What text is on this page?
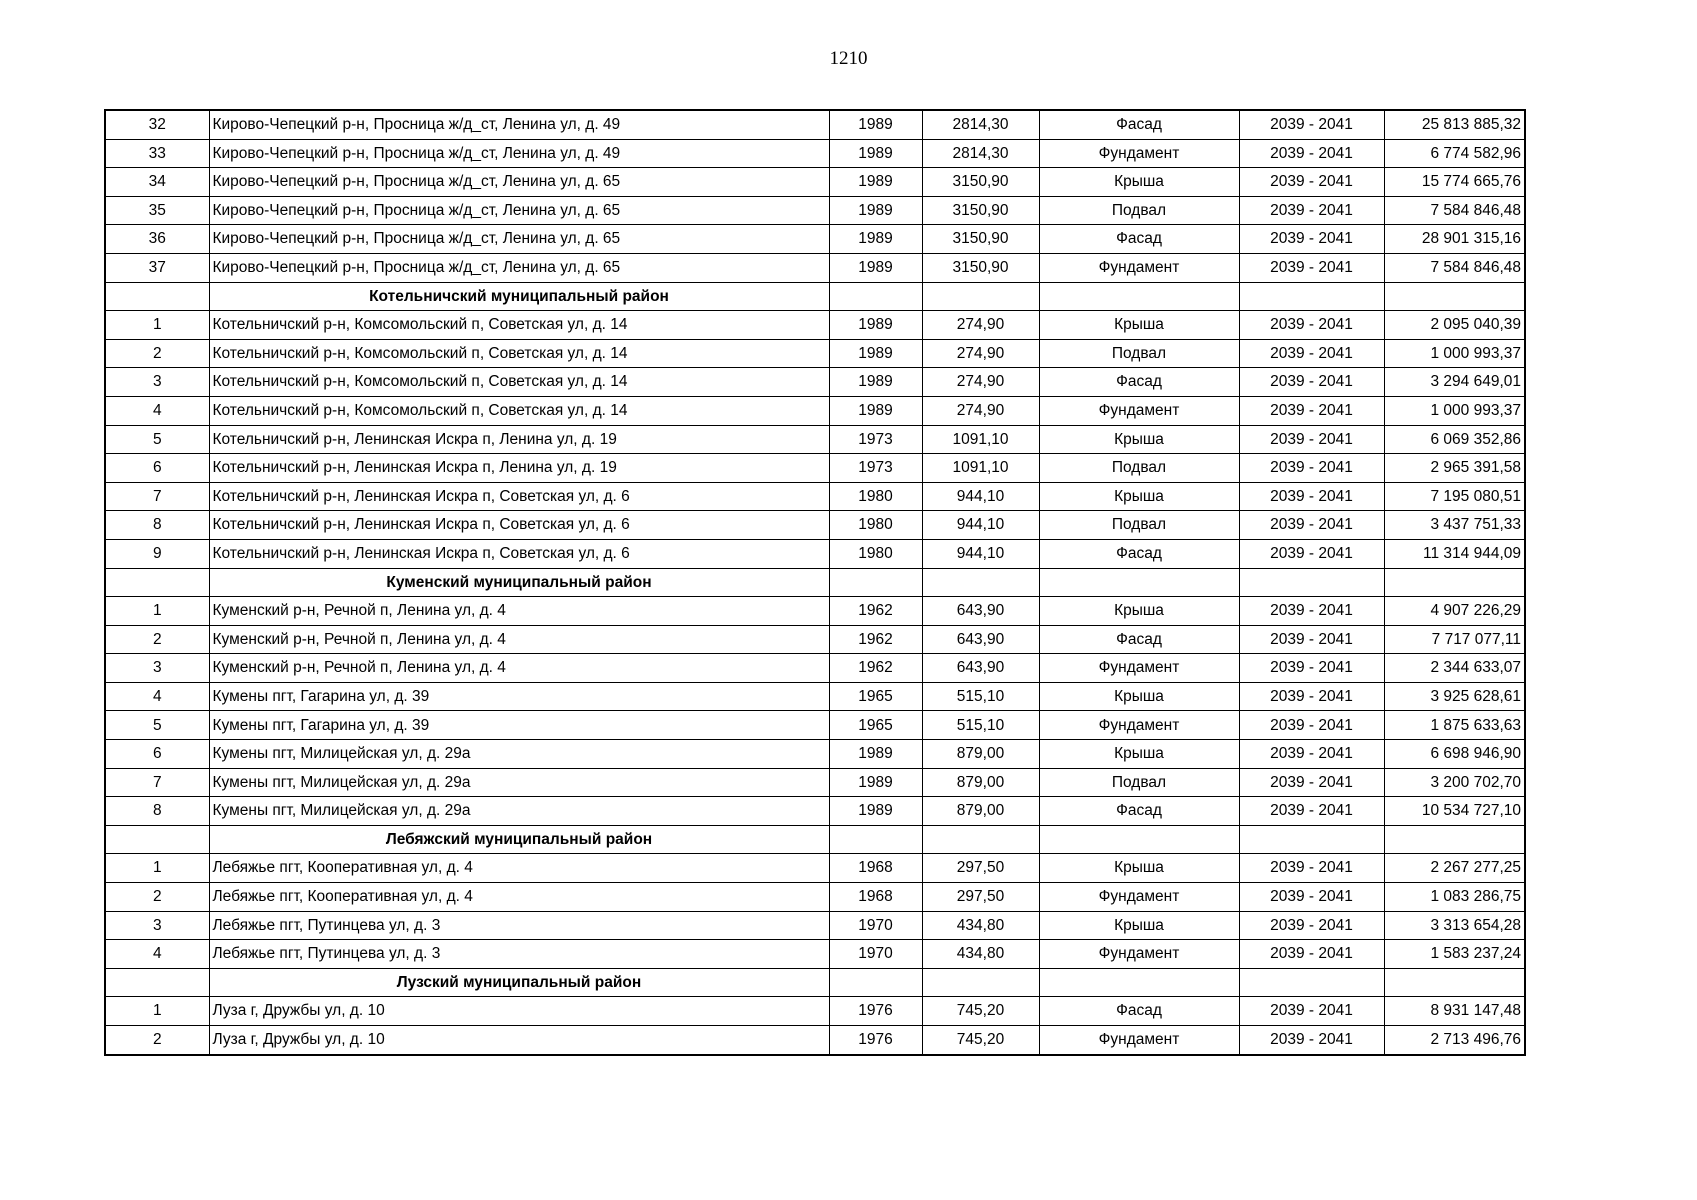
1210
32	Кирово-Чепецкий р-н, Просница ж/д_ст, Ленина ул, д. 49	1989	2814,30	Фасад	2039 - 2041	25 813 885,32
33	Кирово-Чепецкий р-н, Просница ж/д_ст, Ленина ул, д. 49	1989	2814,30	Фундамент	2039 - 2041	6 774 582,96
34	Кирово-Чепецкий р-н, Просница ж/д_ст, Ленина ул, д. 65	1989	3150,90	Крыша	2039 - 2041	15 774 665,76
35	Кирово-Чепецкий р-н, Просница ж/д_ст, Ленина ул, д. 65	1989	3150,90	Подвал	2039 - 2041	7 584 846,48
36	Кирово-Чепецкий р-н, Просница ж/д_ст, Ленина ул, д. 65	1989	3150,90	Фасад	2039 - 2041	28 901 315,16
37	Кирово-Чепецкий р-н, Просница ж/д_ст, Ленина ул, д. 65	1989	3150,90	Фундамент	2039 - 2041	7 584 846,48
	Котельничский муниципальный район					
1	Котельничский р-н, Комсомольский п, Советская ул, д. 14	1989	274,90	Крыша	2039 - 2041	2 095 040,39
2	Котельничский р-н, Комсомольский п, Советская ул, д. 14	1989	274,90	Подвал	2039 - 2041	1 000 993,37
3	Котельничский р-н, Комсомольский п, Советская ул, д. 14	1989	274,90	Фасад	2039 - 2041	3 294 649,01
4	Котельничский р-н, Комсомольский п, Советская ул, д. 14	1989	274,90	Фундамент	2039 - 2041	1 000 993,37
5	Котельничский р-н, Ленинская Искра п, Ленина ул, д. 19	1973	1091,10	Крыша	2039 - 2041	6 069 352,86
6	Котельничский р-н, Ленинская Искра п, Ленина ул, д. 19	1973	1091,10	Подвал	2039 - 2041	2 965 391,58
7	Котельничский р-н, Ленинская Искра п, Советская ул, д. 6	1980	944,10	Крыша	2039 - 2041	7 195 080,51
8	Котельничский р-н, Ленинская Искра п, Советская ул, д. 6	1980	944,10	Подвал	2039 - 2041	3 437 751,33
9	Котельничский р-н, Ленинская Искра п, Советская ул, д. 6	1980	944,10	Фасад	2039 - 2041	11 314 944,09
	Куменский муниципальный район					
1	Куменский р-н, Речной п, Ленина ул, д. 4	1962	643,90	Крыша	2039 - 2041	4 907 226,29
2	Куменский р-н, Речной п, Ленина ул, д. 4	1962	643,90	Фасад	2039 - 2041	7 717 077,11
3	Куменский р-н, Речной п, Ленина ул, д. 4	1962	643,90	Фундамент	2039 - 2041	2 344 633,07
4	Кумены пгт, Гагарина ул, д. 39	1965	515,10	Крыша	2039 - 2041	3 925 628,61
5	Кумены пгт, Гагарина ул, д. 39	1965	515,10	Фундамент	2039 - 2041	1 875 633,63
6	Кумены пгт, Милицейская ул, д. 29а	1989	879,00	Крыша	2039 - 2041	6 698 946,90
7	Кумены пгт, Милицейская ул, д. 29а	1989	879,00	Подвал	2039 - 2041	3 200 702,70
8	Кумены пгт, Милицейская ул, д. 29а	1989	879,00	Фасад	2039 - 2041	10 534 727,10
	Лебяжский муниципальный район					
1	Лебяжье пгт, Кооперативная ул, д. 4	1968	297,50	Крыша	2039 - 2041	2 267 277,25
2	Лебяжье пгт, Кооперативная ул, д. 4	1968	297,50	Фундамент	2039 - 2041	1 083 286,75
3	Лебяжье пгт, Путинцева ул, д. 3	1970	434,80	Крыша	2039 - 2041	3 313 654,28
4	Лебяжье пгт, Путинцева ул, д. 3	1970	434,80	Фундамент	2039 - 2041	1 583 237,24
	Лузский муниципальный район					
1	Луза г, Дружбы ул, д. 10	1976	745,20	Фасад	2039 - 2041	8 931 147,48
2	Луза г, Дружбы ул, д. 10	1976	745,20	Фундамент	2039 - 2041	2 713 496,76
